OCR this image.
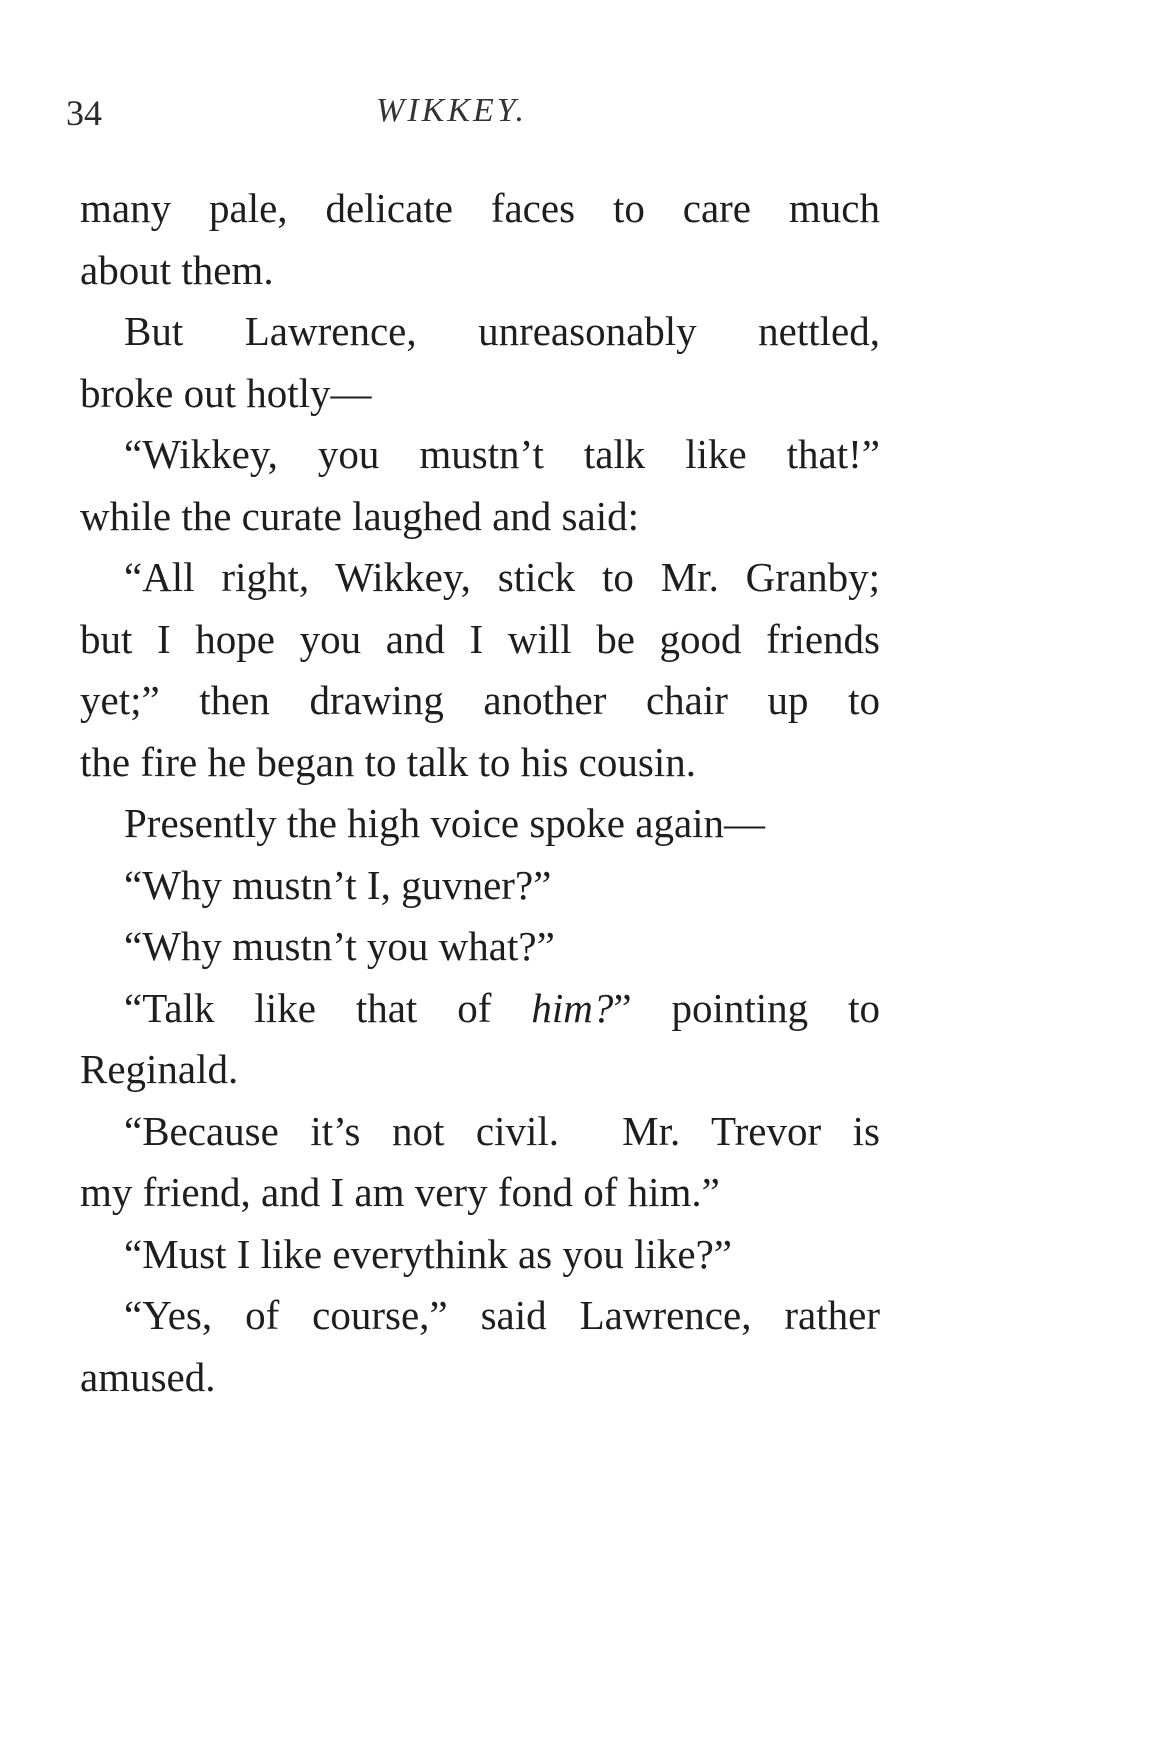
34	WIKKEY.

many pale, delicate faces to care much
about them.

But Lawrence, unreasonably nettled,
broke out hotly—

“Wikkey, you mustn’t talk like that!”
while the curate laughed and said:

“All right, Wikkey, stick to Mr. Granby;
but I hope you and I will be good friends
yet;” then drawing another chair up to
the fire he began to talk to his cousin.

Presently the high voice spoke again—

“Why mustn’t I, guvner?”

“Why mustn’t you what?”

“Talk like that of him?” pointing to
Reginald.

“Because it’s not civil.  Mr. Trevor is
my friend, and I am very fond of him.”

“Must I like everythink as you like?”

“Yes, of course,” said Lawrence, rather
amused.
